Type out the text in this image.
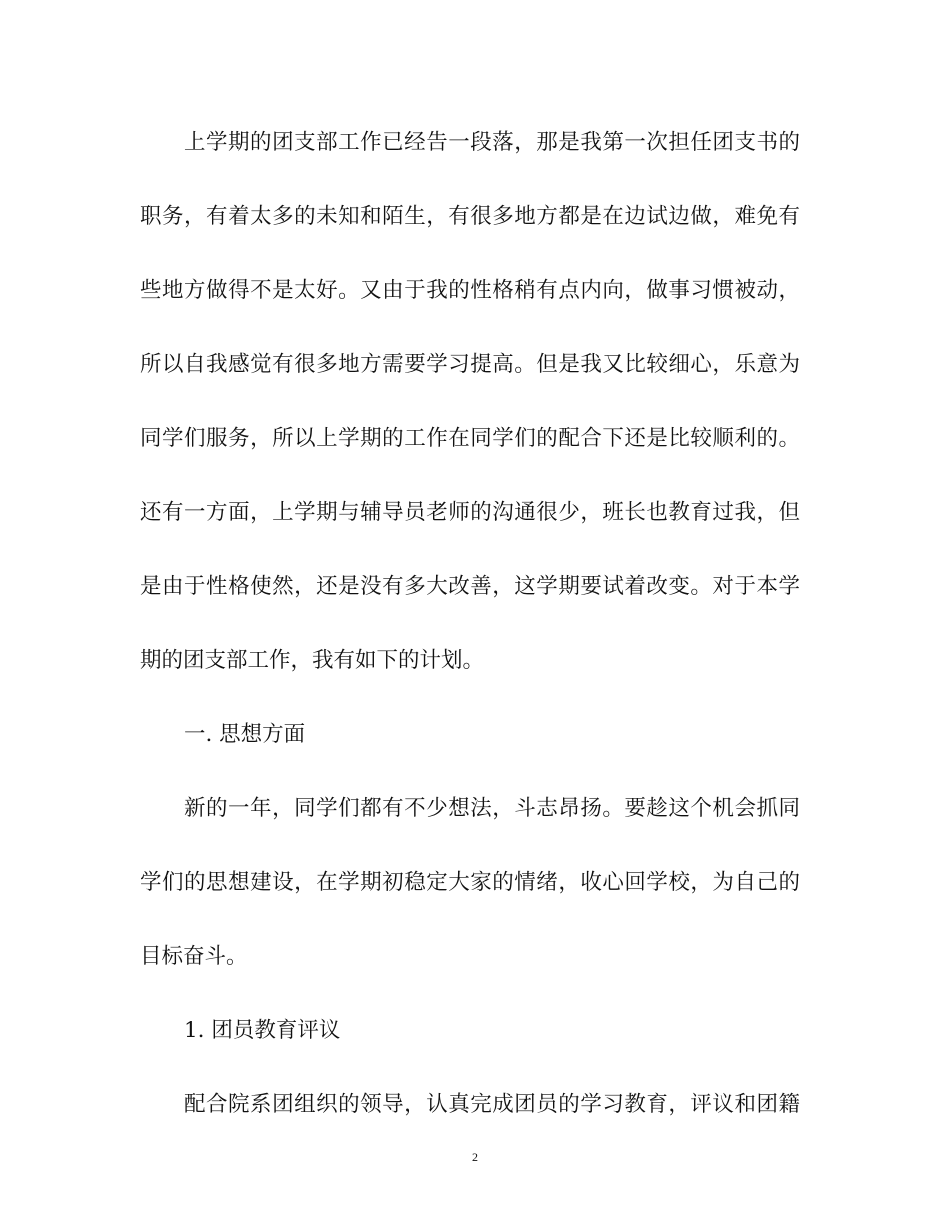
上学期的团支部工作已经告一段落，那是我第一次担任团支书的
职务，有着太多的未知和陌生，有很多地方都是在边试边做，难免有
些地方做得不是太好。又由于我的性格稍有点内向，做事习惯被动，
所以自我感觉有很多地方需要学习提高。但是我又比较细心，乐意为
同学们服务，所以上学期的工作在同学们的配合下还是比较顺利的。
还有一方面，上学期与辅导员老师的沟通很少，班长也教育过我，但
是由于性格使然，还是没有多大改善，这学期要试着改变。对于本学
期的团支部工作，我有如下的计划。
一. 思想方面
新的一年，同学们都有不少想法，斗志昂扬。要趁这个机会抓同
学们的思想建设，在学期初稳定大家的情绪，收心回学校，为自己的
目标奋斗。
1. 团员教育评议
配合院系团组织的领导，认真完成团员的学习教育，评议和团籍
2
